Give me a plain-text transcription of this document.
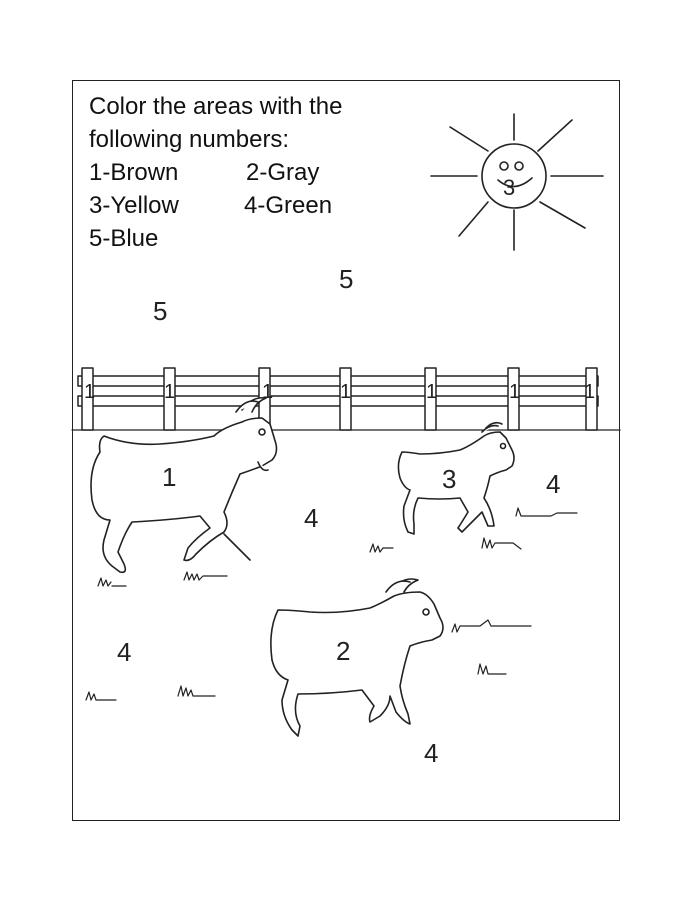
Color the areas with the
following numbers:
1-Brown	2-Gray
3-Yellow	4-Green
5-Blue
5
5
3
1	1	1	1	1	1	1
1	3
2
4
4
4
4
